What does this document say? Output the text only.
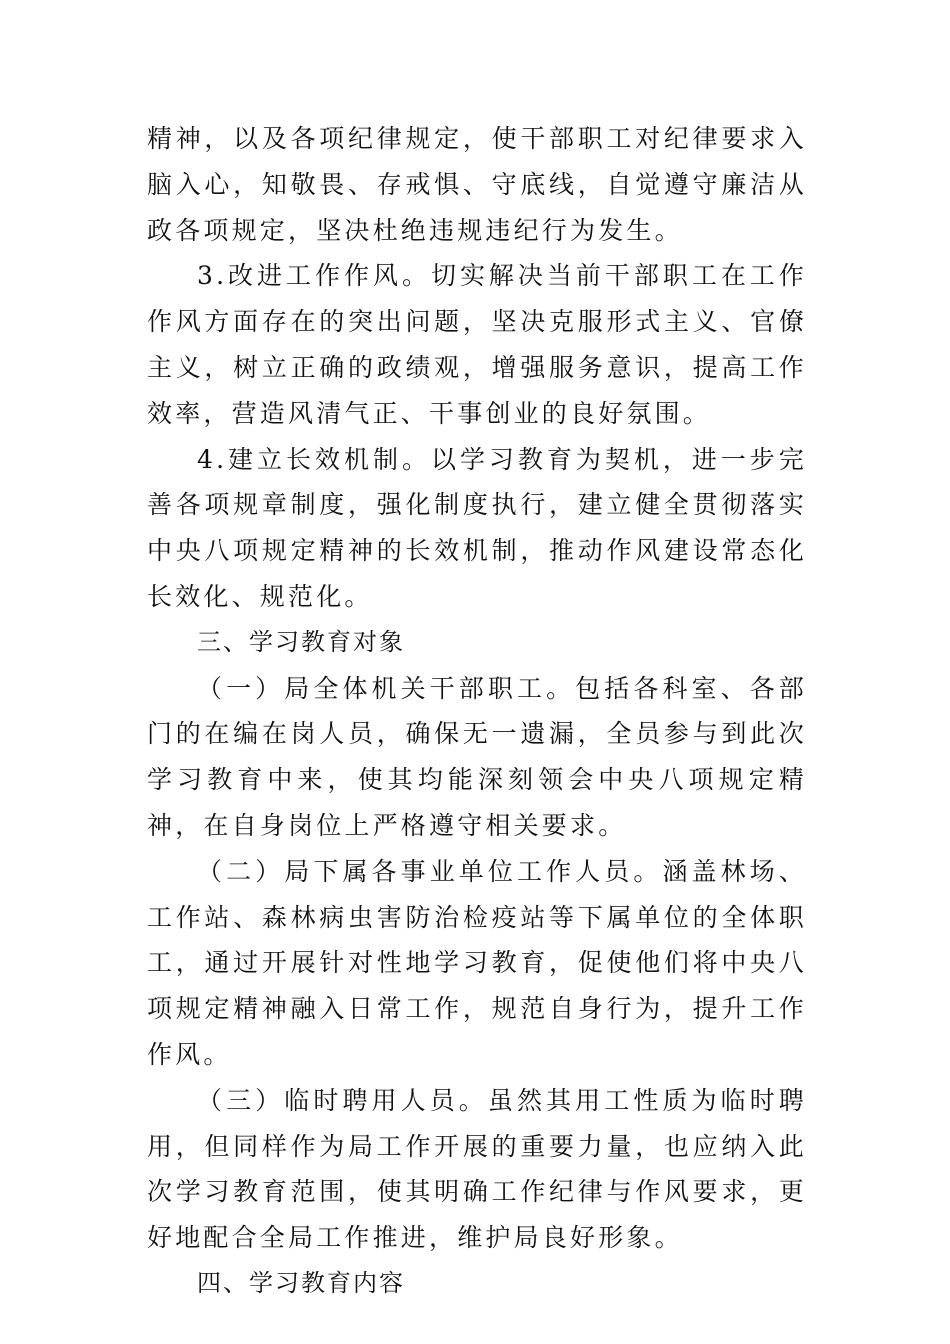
精神，以及各项纪律规定，使干部职工对纪律要求入脑入心，知敬畏、存戒惧、守底线，自觉遵守廉洁从政各项规定，坚决杜绝违规违纪行为发生。

3.改进工作作风。切实解决当前干部职工在工作作风方面存在的突出问题，坚决克服形式主义、官僚主义，树立正确的政绩观，增强服务意识，提高工作效率，营造风清气正、干事创业的良好氛围。

4.建立长效机制。以学习教育为契机，进一步完善各项规章制度，强化制度执行，建立健全贯彻落实中央八项规定精神的长效机制，推动作风建设常态化长效化、规范化。

三、学习教育对象

（一）局全体机关干部职工。包括各科室、各部门的在编在岗人员，确保无一遗漏，全员参与到此次学习教育中来，使其均能深刻领会中央八项规定精神，在自身岗位上严格遵守相关要求。

（二）局下属各事业单位工作人员。涵盖林场、工作站、森林病虫害防治检疫站等下属单位的全体职工，通过开展针对性地学习教育，促使他们将中央八项规定精神融入日常工作，规范自身行为，提升工作作风。

（三）临时聘用人员。虽然其用工性质为临时聘用，但同样作为局工作开展的重要力量，也应纳入此次学习教育范围，使其明确工作纪律与作风要求，更好地配合全局工作推进，维护局良好形象。

四、学习教育内容
